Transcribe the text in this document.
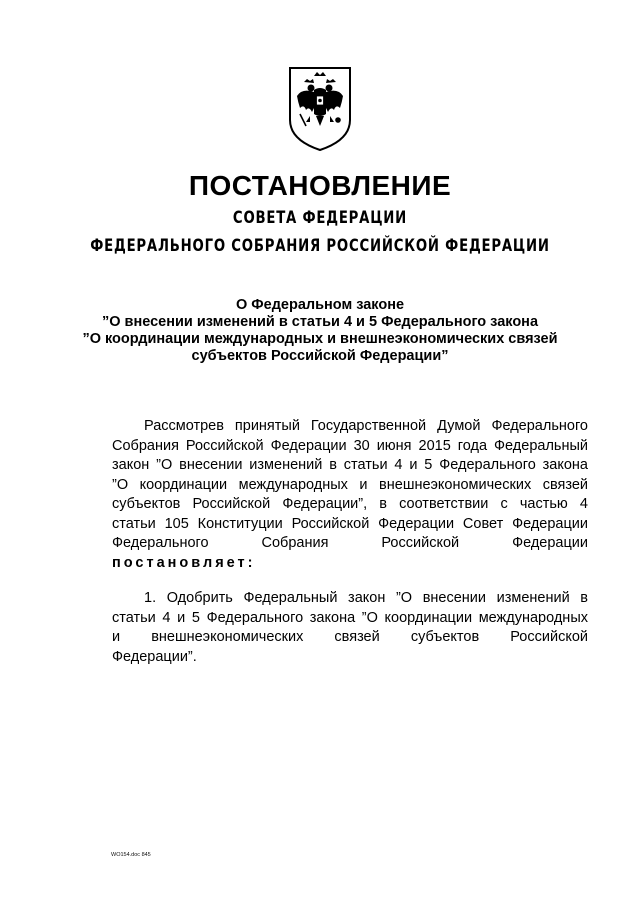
ПОСТАНОВЛЕНИЕ
СОВЕТА ФЕДЕРАЦИИ
ФЕДЕРАЛЬНОГО СОБРАНИЯ РОССИЙСКОЙ ФЕДЕРАЦИИ
О Федеральном законе
”О внесении изменений в статьи 4 и 5 Федерального закона
”О координации международных и внешнеэкономических связей
субъектов Российской Федерации”
Рассмотрев принятый Государственной Думой Федерального
Собрания Российской Федерации 30 июня 2015 года Федеральный
закон ”О внесении изменений в статьи 4 и 5 Федерального закона
”О координации международных и внешнеэкономических связей
субъектов Российской Федерации”, в соответствии с частью 4
статьи 105 Конституции Российской Федерации Совет Федерации
Федерального Собрания Российской Федерации
постановляет:
1. Одобрить Федеральный закон ”О внесении изменений в
статьи 4 и 5 Федерального закона ”О координации международных
и внешнеэкономических связей субъектов Российской
Федерации”.
WO154.doc 845
